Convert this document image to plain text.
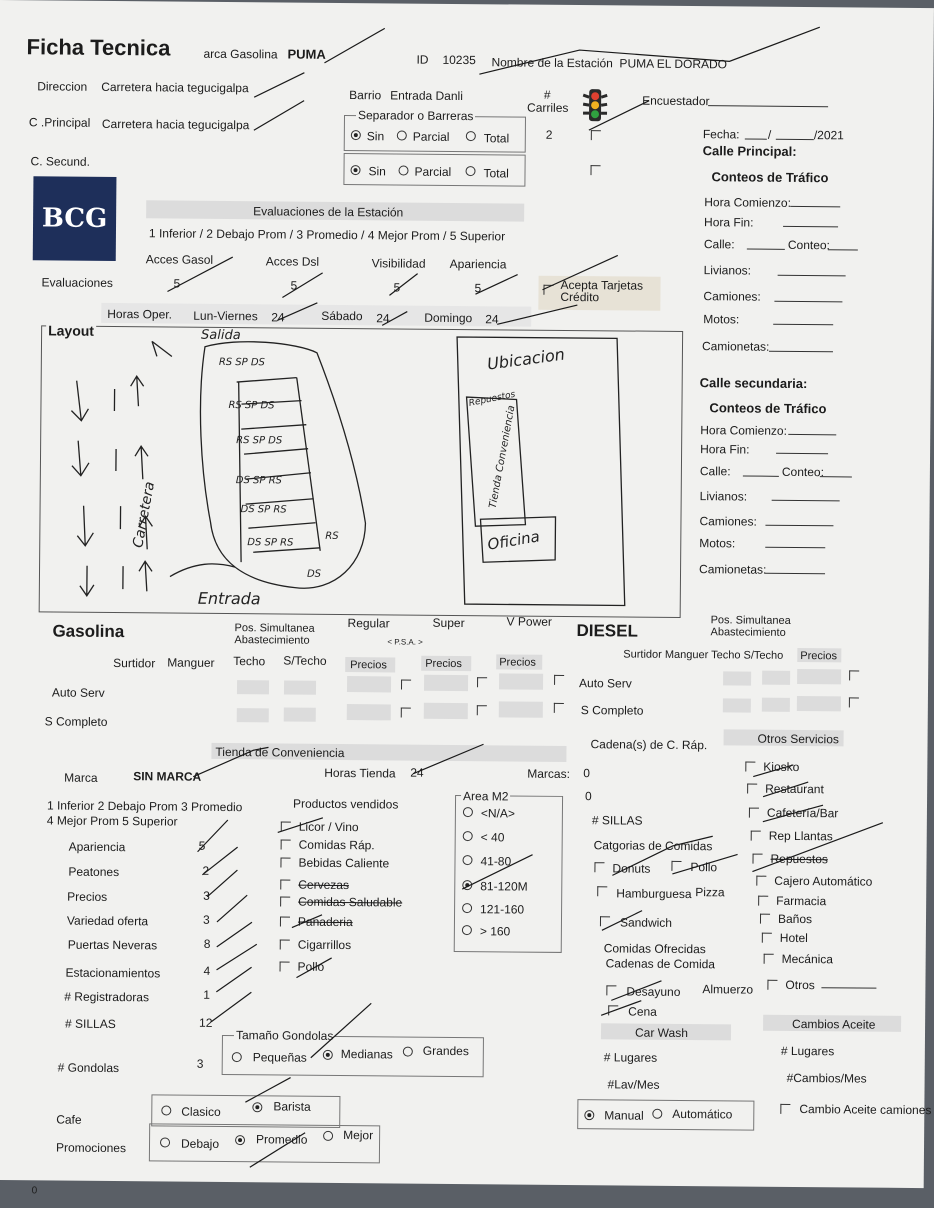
Ficha Tecnica	arca Gasolina PUMA	ID 10235 Nombre de la Estación PUMA EL DORADO
Direccion Carretera hacia tegucigalpa
C .Principal Carretera hacia tegucigalpa
C. Secund.
Barrio Entrada Danli
Separador o Barreras
Sin Parcial	Total
Sin Parcial	Total
# Carriles
2
Encuestador
Fecha: /	/2021
Calle Principal:
BCG	Evaluaciones de la Estación
1 Inferior / 2 Debajo Prom / 3 Promedio / 4 Mejor Prom / 5 Superior
Acces Gasol	Acces Dsl	Visibilidad Apariencia
Evaluaciones	5	5	5	5	Acepta Tarjetas Crédito
Horas Oper. Lun-Viernes 24	Sábado 24	Domingo 24
Conteos de Tráfico
Hora Comienzo:
Hora Fin:
Calle:	Conteo:
Livianos:
Camiones:
Motos:
Camionetas:
Calle secundaria:
Conteos de Tráfico
Hora Comienzo:
Hora Fin:
Calle:	Conteo:
Livianos:
Camiones:
Motos:
Camionetas:
Layout	Salida
Entrada
Carretera
Ubicacion
Repuestos
Tienda Conveniencia
Oficina
RS SP DS
RS SP DS
RS SP DS
DS SP RS
DS SP RS
DS SP RS
RS
DS
Gasolina	Pos. Simultanea Abastecimiento
Regular	Super	V Power
< P.S.A. >
Surtidor Manguer Techo S/Techo Precios	Precios	Precios
Auto Serv
S Completo
DIESEL
Pos. Simultanea Abastecimiento
Surtidor Manguer Techo S/Techo Precios
Auto Serv
S Completo
Tienda de Conveniencia
Marca	SIN MARCA	Horas Tienda 24	Marcas: 0
Cadena(s) de C. Ráp.
0
1 Inferior 2 Debajo Prom 3 Promedio
4 Mejor Prom 5 Superior
Apariencia	5
Peatones	2
Precios	3
Variedad oferta	3
Puertas Neveras	8
Estacionamientos	4
# Registradoras	1
# SILLAS	12
# Gondolas	3
Tamaño Gondolas
Pequeñas	Medianas Grandes
Productos vendidos
Licor / Vino
Comidas Ráp.
Bebidas Caliente
Cervezas
Comidas Saludable
Panaderia
Cigarrillos
Pollo
Area M2
<N/A>
< 40
41-80
81-120M
121-160
> 160
# SILLAS
Catgorias de Comidas
Donuts	Pollo
Hamburguesa Pizza
Sandwich
Comidas Ofrecidas
Cadenas de Comida
Desayuno Almuerzo
Cena
Otros Servicios
Kiosko
Restaurant
Cafetería/Bar
Rep Llantas
Repuestos
Cajero Automático
Farmacia
Baños
Hotel
Mecánica
Otros
Car Wash
# Lugares
#Lav/Mes
Manual Automático
Cambios Aceite
# Lugares
#Cambios/Mes
Cambio Aceite camiones
Cafe
Clasico	Barista
Promociones	Debajo	Promedio	Mejor
0
